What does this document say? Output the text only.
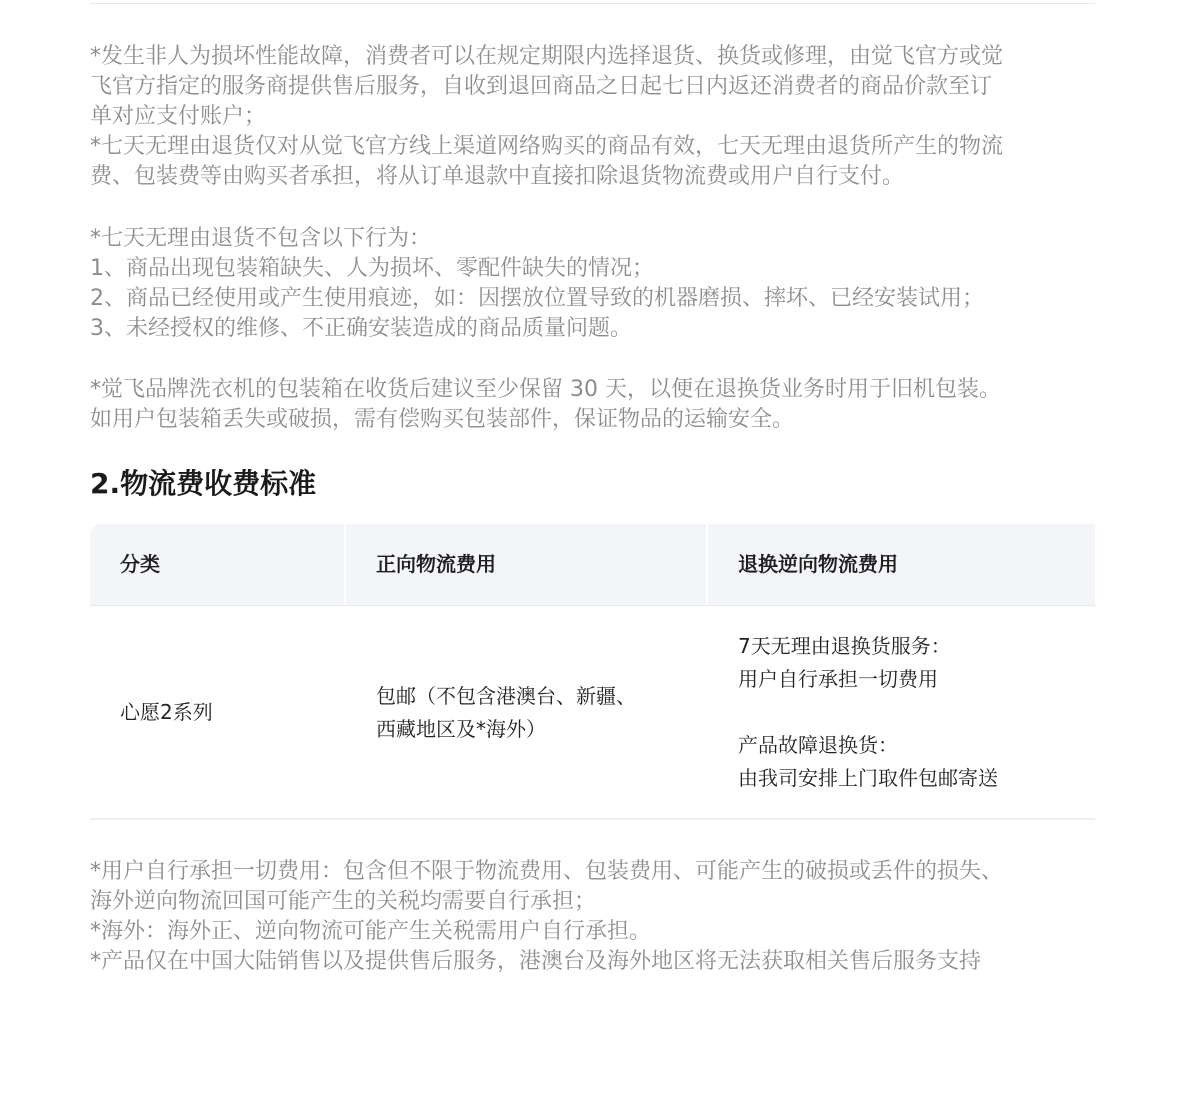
*发生非人为损坏性能故障，消费者可以在规定期限内选择退货、换货或修理，由觉飞官方或觉
飞官方指定的服务商提供售后服务，自收到退回商品之日起七日内返还消费者的商品价款至订
单对应支付账户；
*七天无理由退货仅对从觉飞官方线上渠道网络购买的商品有效，七天无理由退货所产生的物流
费、包装费等由购买者承担，将从订单退款中直接扣除退货物流费或用户自行支付。
*七天无理由退货不包含以下行为：
1、商品出现包装箱缺失、人为损坏、零配件缺失的情况；
2、商品已经使用或产生使用痕迹，如：因摆放位置导致的机器磨损、摔坏、已经安装试用；
3、未经授权的维修、不正确安装造成的商品质量问题。
*觉飞品牌洗衣机的包装箱在收货后建议至少保留 30 天，以便在退换货业务时用于旧机包装。
如用户包装箱丢失或破损，需有偿购买包装部件，保证物品的运输安全。
2.物流费收费标准
分类	正向物流费用	退换逆向物流费用
心愿2系列
包邮（不包含港澳台、新疆、
西藏地区及*海外）
7天无理由退换货服务：
用户自行承担一切费用

产品故障退换货：
由我司安排上门取件包邮寄送
*用户自行承担一切费用：包含但不限于物流费用、包装费用、可能产生的破损或丢件的损失、
海外逆向物流回国可能产生的关税均需要自行承担；
*海外：海外正、逆向物流可能产生关税需用户自行承担。
*产品仅在中国大陆销售以及提供售后服务，港澳台及海外地区将无法获取相关售后服务支持
